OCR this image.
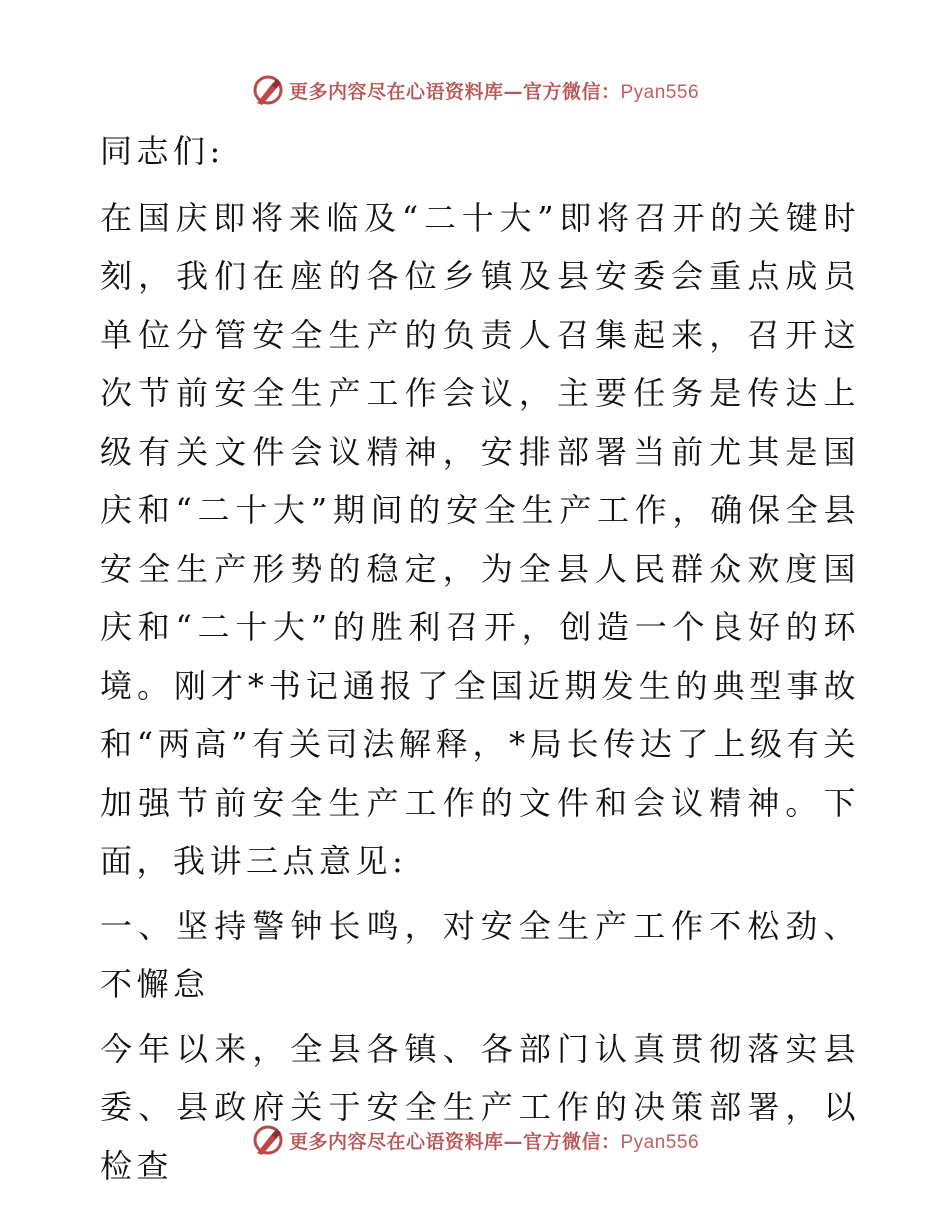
更多内容尽在心语资料库—官方微信：Pyan556

同志们:

在国庆即将来临及“二十大”即将召开的关键时刻，我们在座的各位乡镇及县安委会重点成员单位分管安全生产的负责人召集起来，召开这次节前安全生产工作会议，主要任务是传达上级有关文件会议精神，安排部署当前尤其是国庆和“二十大”期间的安全生产工作，确保全县安全生产形势的稳定，为全县人民群众欢度国庆和“二十大”的胜利召开，创造一个良好的环境。刚才*书记通报了全国近期发生的典型事故和“两高”有关司法解释，*局长传达了上级有关加强节前安全生产工作的文件和会议精神。下面，我讲三点意见:

一、坚持警钟长鸣，对安全生产工作不松劲、不懈怠

今年以来，全县各镇、各部门认真贯彻落实县委、县政府关于安全生产工作的决策部署，以检查

更多内容尽在心语资料库—官方微信：Pyan556
